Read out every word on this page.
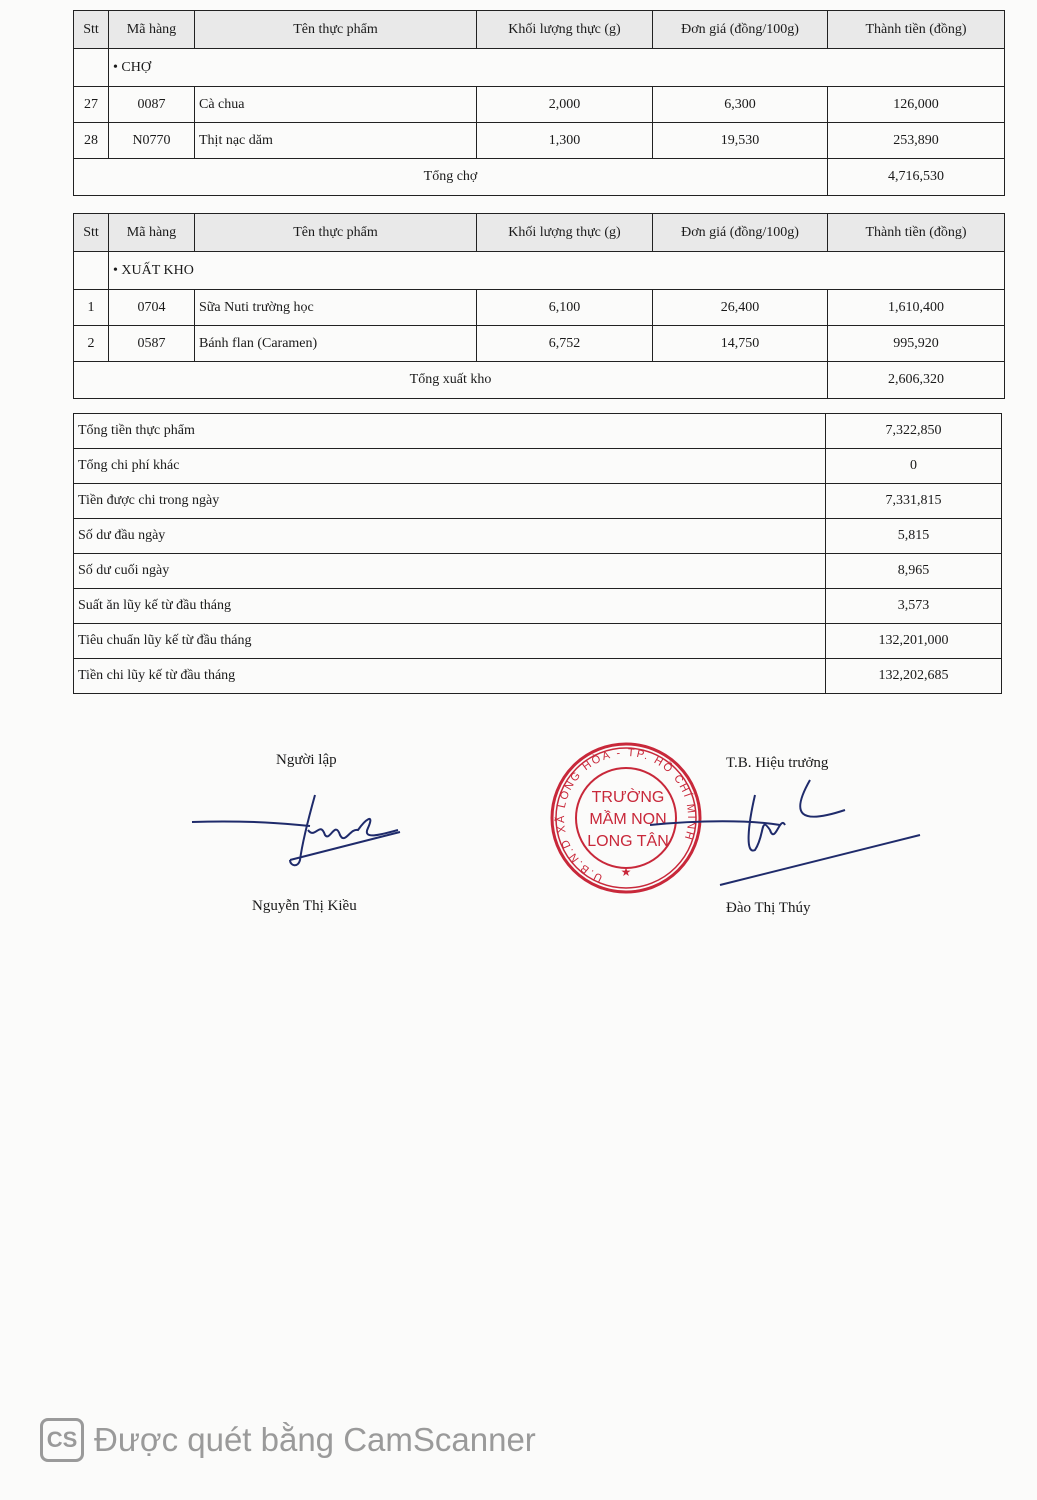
Stt	Mã hàng	Tên thực phẩm	Khối lượng thực (g)	Đơn giá (đồng/100g)	Thành tiền (đồng)
	• CHỢ				
27	0087	Cà chua	2,000	6,300	126,000
28	N0770	Thịt nạc dăm	1,300	19,530	253,890
Tổng chợ					4,716,530
Stt	Mã hàng	Tên thực phẩm	Khối lượng thực (g)	Đơn giá (đồng/100g)	Thành tiền (đồng)
	• XUẤT KHO				
1	0704	Sữa Nuti trường học	6,100	26,400	1,610,400
2	0587	Bánh flan (Caramen)	6,752	14,750	995,920
Tổng xuất kho					2,606,320
Tổng tiền thực phẩm	7,322,850
Tổng chi phí khác	0
Tiền được chi trong ngày	7,331,815
Số dư đầu ngày	5,815
Số dư cuối ngày	8,965
Suất ăn lũy kế từ đầu tháng	3,573
Tiêu chuẩn lũy kế từ đầu tháng	132,201,000
Tiền chi lũy kế từ đầu tháng	132,202,685
Người lập
Nguyễn Thị Kiều
U.B.N.D XÃ LONG HÒA - TP. HỒ CHÍ MINH
TRƯỜNG
MẦM NON
LONG TÂN
★
T.B. Hiệu trưởng
Đào Thị Thúy
CS Được quét bằng CamScanner
